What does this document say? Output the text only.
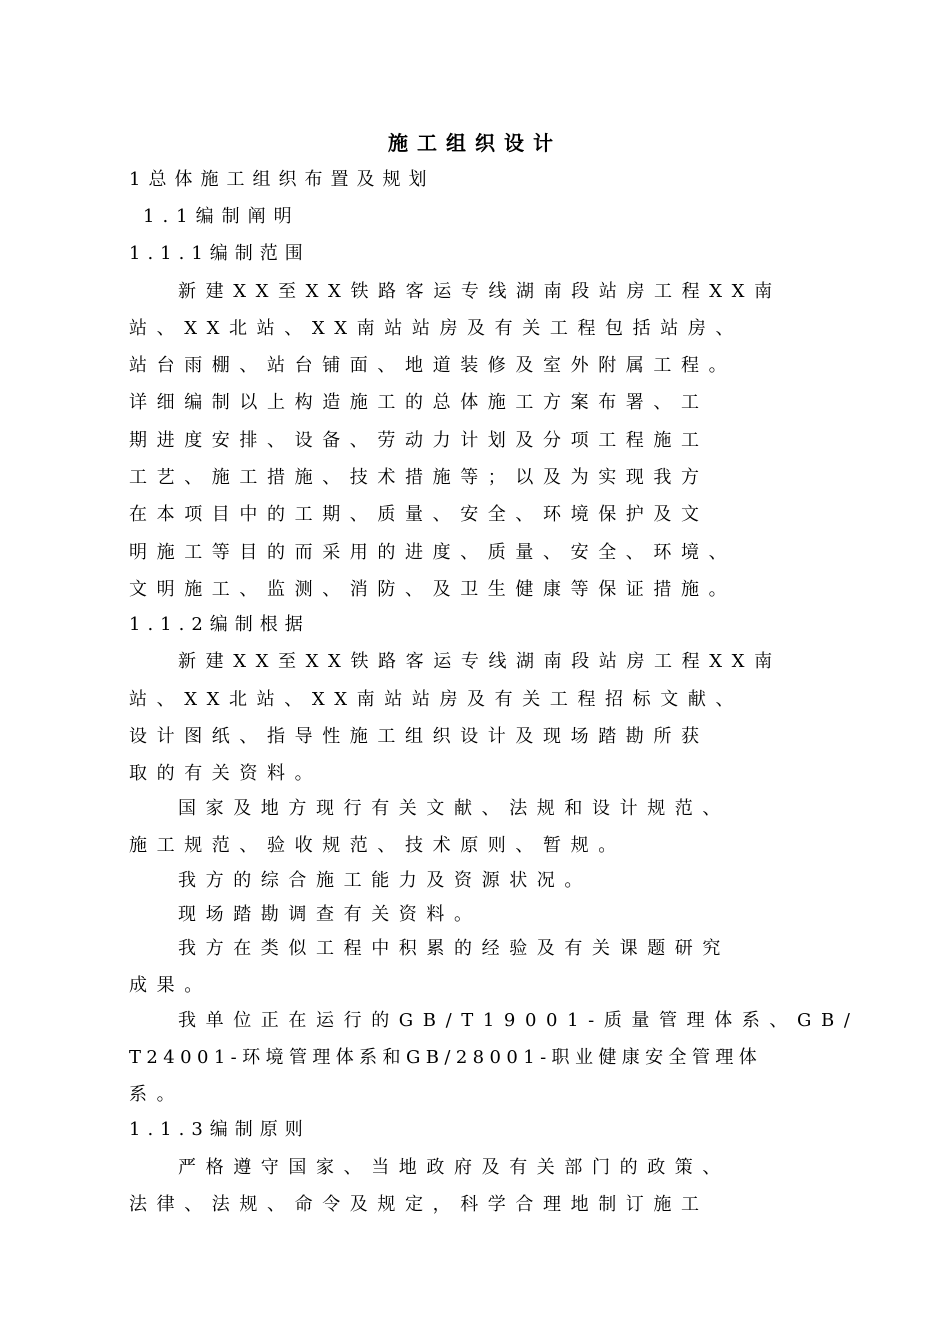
施工组织设计
1总体施工组织布置及规划
1.1编制阐明
1.1.1编制范围
新建XX至XX铁路客运专线湖南段站房工程XX南
站、XX北站、XX南站站房及有关工程包括站房、
站台雨棚、站台铺面、地道装修及室外附属工程。
详细编制以上构造施工的总体施工方案布署、工
期进度安排、设备、劳动力计划及分项工程施工
工艺、施工措施、技术措施等；以及为实现我方
在本项目中的工期、质量、安全、环境保护及文
明施工等目的而采用的进度、质量、安全、环境、
文明施工、监测、消防、及卫生健康等保证措施。
1.1.2编制根据
新建XX至XX铁路客运专线湖南段站房工程XX南
站、XX北站、XX南站站房及有关工程招标文献、
设计图纸、指导性施工组织设计及现场踏勘所获
取的有关资料。
国家及地方现行有关文献、法规和设计规范、
施工规范、验收规范、技术原则、暂规。
我方的综合施工能力及资源状况。
现场踏勘调查有关资料。
我方在类似工程中积累的经验及有关课题研究
成果。
我单位正在运行的GB/T19001-质量管理体系、GB/
T24001-环境管理体系和GB/28001-职业健康安全管理体
系。
1.1.3编制原则
严格遵守国家、当地政府及有关部门的政策、
法律、法规、命令及规定，科学合理地制订施工
